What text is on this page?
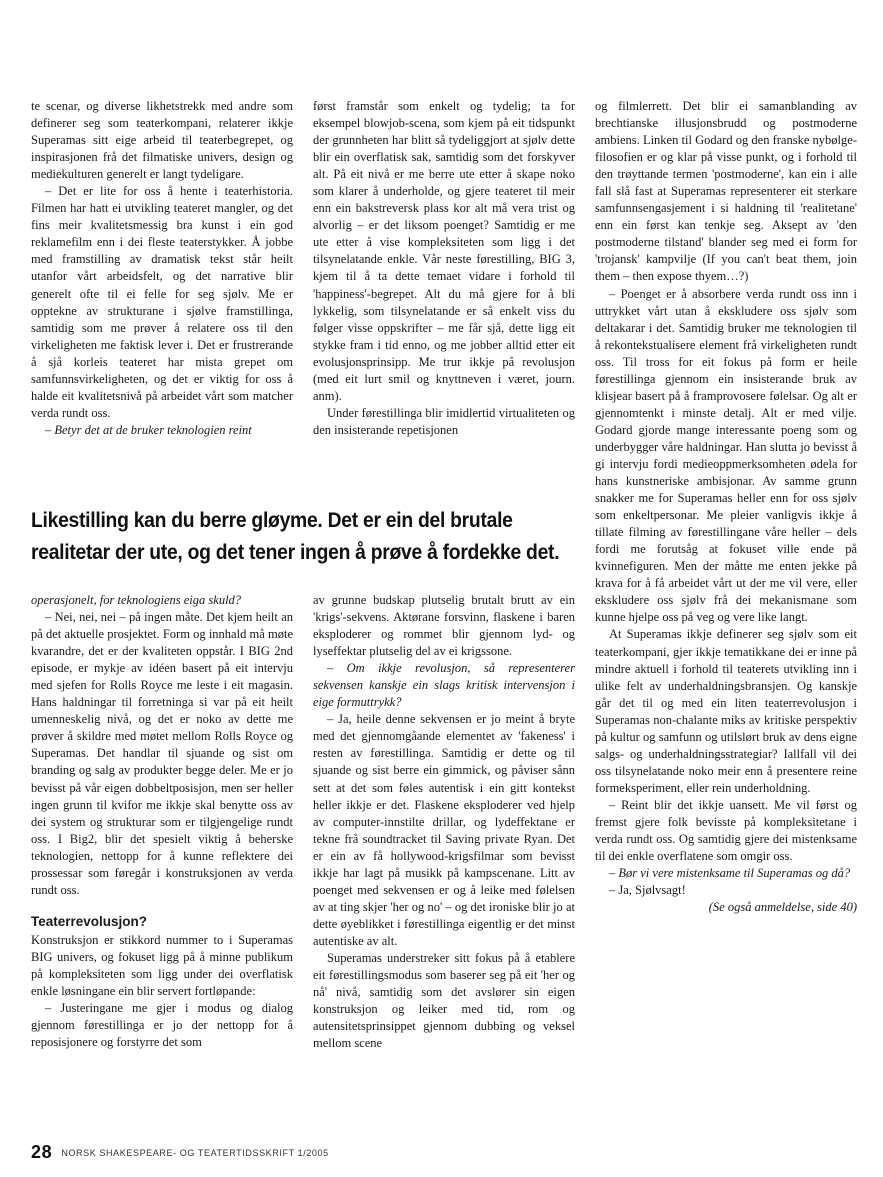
te scenar, og diverse likhetstrekk med andre som definerer seg som teaterkompani, relaterer ikkje Superamas sitt eige arbeid til teaterbegrepet, og inspirasjonen frå det filmatiske univers, design og mediekulturen generelt er langt tydeligare.

– Det er lite for oss å hente i teaterhistoria. Filmen har hatt ei utvikling teateret mangler, og det fins meir kvalitetsmessig bra kunst i ein god reklamefilm enn i dei fleste teaterstykker. Å jobbe med framstilling av dramatisk tekst står heilt utanfor vårt arbeidsfelt, og det narrative blir generelt ofte til ei felle for seg sjølv. Me er opptekne av strukturane i sjølve framstillinga, samtidig som me prøver å relatere oss til den virkeligheten me faktisk lever i. Det er frustrerande å sjå korleis teateret har mista grepet om samfunnsvirkeligheten, og det er viktig for oss å halde eit kvalitetsnivå på arbeidet vårt som matcher verda rundt oss.

– Betyr det at de bruker teknologien reint

først framstår som enkelt og tydelig; ta for eksempel blowjob-scena, som kjem på eit tidspunkt der grunnheten har blitt så tydeliggjort at sjølv dette blir ein overflatisk sak, samtidig som det forskyver alt. På eit nivå er me berre ute etter å skape noko som klarer å underholde, og gjere teateret til meir enn ein bakstreversk plass kor alt må vera trist og alvorlig – er det liksom poenget? Samtidig er me ute etter å vise kompleksiteten som ligg i det tilsynelatande enkle. Vår neste førestilling, BIG 3, kjem til å ta dette temaet vidare i forhold til 'happiness'-begrepet. Alt du må gjere for å bli lykkelig, som tilsynelatande er så enkelt viss du følger visse oppskrifter – me får sjå, dette ligg eit stykke fram i tid enno, og me jobber alltid etter eit evolusjonsprinsipp. Me trur ikkje på revolusjon (med eit lurt smil og knyttneven i været, journ. anm).

Under førestillinga blir imidlertid virtualiteten og den insisterande repetisjonen

Likestilling kan du berre gløyme. Det er ein del brutale realitetar der ute, og det tener ingen å prøve å fordekke det.

operasjonelt, for teknologiens eiga skuld?

– Nei, nei, nei – på ingen måte. Det kjem heilt an på det aktuelle prosjektet. Form og innhald må møte kvarandre, det er der kvaliteten oppstår. I BIG 2nd episode, er mykje av idéen basert på eit intervju med sjefen for Rolls Royce me leste i eit magasin. Hans haldningar til forretninga si var på eit heilt umenneskelig nivå, og det er noko av dette me prøver å skildre med møtet mellom Rolls Royce og Superamas. Det handlar til sjuande og sist om branding og salg av produkter begge deler. Me er jo bevisst på vår eigen dobbeltposisjon, men ser heller ingen grunn til kvifor me ikkje skal benytte oss av dei system og strukturar som er tilgjengelige rundt oss. I Big2, blir det spesielt viktig å beherske teknologien, nettopp for å kunne reflektere dei prossessar som føregår i konstruksjonen av verda rundt oss.

Teaterrevolusjon?

Konstruksjon er stikkord nummer to i Superamas BIG univers, og fokuset ligg på å minne publikum på kompleksiteten som ligg under dei overflatisk enkle løsningane ein blir servert fortløpande:

– Justeringane me gjer i modus og dialog gjennom førestillinga er jo der nettopp for å reposisjonere og forstyrre det som

av grunne budskap plutselig brutalt brutt av ein 'krigs'-sekvens. Aktørane forsvinn, flaskene i baren eksploderer og rommet blir gjennom lyd- og lyseffektar plutselig del av ei krigssone.

– Om ikkje revolusjon, så representerer sekvensen kanskje ein slags kritisk intervensjon i eige formuttrykk?

– Ja, heile denne sekvensen er jo meint å bryte med det gjennomgåande elementet av 'fakeness' i resten av førestillinga. Samtidig er dette og til sjuande og sist berre ein gimmick, og påviser sånn sett at det som føles autentisk i ein gitt kontekst heller ikkje er det. Flaskene eksploderer ved hjelp av computer-innstilte drillar, og lydeffektane er tekne frå soundtracket til Saving private Ryan. Det er ein av få hollywood-krigsfilmar som bevisst ikkje har lagt på musikk på kampscenane. Litt av poenget med sekvensen er og å leike med følelsen av at ting skjer 'her og no' – og det ironiske blir jo at dette øyeblikket i førestillinga eigentlig er det minst autentiske av alt.

Superamas understreker sitt fokus på å etablere eit førestillingsmodus som baserer seg på eit 'her og nå' nivå, samtidig som det avslører sin eigen konstruksjon og leiker med tid, rom og autensitetsprinsippet gjennom dubbing og veksel mellom scene

og filmlerrett. Det blir ei samanblanding av brechtianske illusjonsbrudd og postmoderne ambiens. Linken til Godard og den franske nybølge-filosofien er og klar på visse punkt, og i forhold til den trøyttande termen 'postmoderne', kan ein i alle fall slå fast at Superamas representerer eit sterkare samfunnsengasjement i si haldning til 'realitetane' enn ein først kan tenkje seg. Aksept av 'den postmoderne tilstand' blander seg med ei form for 'trojansk' kampvilje (If you can't beat them, join them – then expose thyem…?)

– Poenget er å absorbere verda rundt oss inn i uttrykket vårt utan å ekskludere oss sjølv som deltakarar i det. Samtidig bruker me teknologien til å rekontekstualisere element frå virkeligheten rundt oss. Til tross for eit fokus på form er heile førestillinga gjennom ein insisterande bruk av klisjear basert på å framprovosere følelsar. Og alt er gjennomtenkt i minste detalj. Alt er med vilje. Godard gjorde mange interessante poeng som og underbygger våre haldningar. Han slutta jo bevisst å gi intervju fordi medieoppmerksomheten ødela for hans kunstneriske ambisjonar. Av samme grunn snakker me for Superamas heller enn for oss sjølv som enkeltpersonar. Me pleier vanligvis ikkje å tillate filming av førestillingane våre heller – dels fordi me forutsåg at fokuset ville ende på kvinnefiguren. Men der måtte me enten jekke på krava for å få arbeidet vårt ut der me vil vere, eller ekskludere oss sjølv frå dei mekanismane som kunne hjelpe oss på veg og vere like langt.

At Superamas ikkje definerer seg sjølv som eit teaterkompani, gjer ikkje tematikkane dei er inne på mindre aktuell i forhold til teaterets utvikling inn i ulike felt av underhaldningsbransjen. Og kanskje går det til og med ein liten teaterrevolusjon i Superamas non-chalante miks av kritiske perspektiv på kultur og samfunn og utilslørt bruk av dens eigne salgs- og underhaldningsstrategiar? Iallfall vil dei oss tilsynelatande noko meir enn å presentere reine formeksperiment, eller rein underholdning.

– Reint blir det ikkje uansett. Me vil først og fremst gjere folk bevisste på kompleksitetane i verda rundt oss. Og samtidig gjere dei mistenksame til dei enkle overflatene som omgir oss.

– Bør vi vere mistenksame til Superamas og då?

– Ja, Sjølvsagt!

(Se også anmeldelse, side 40)

28 NORSK SHAKESPEARE- OG TEATERTIDSSKRIFT 1/2005
